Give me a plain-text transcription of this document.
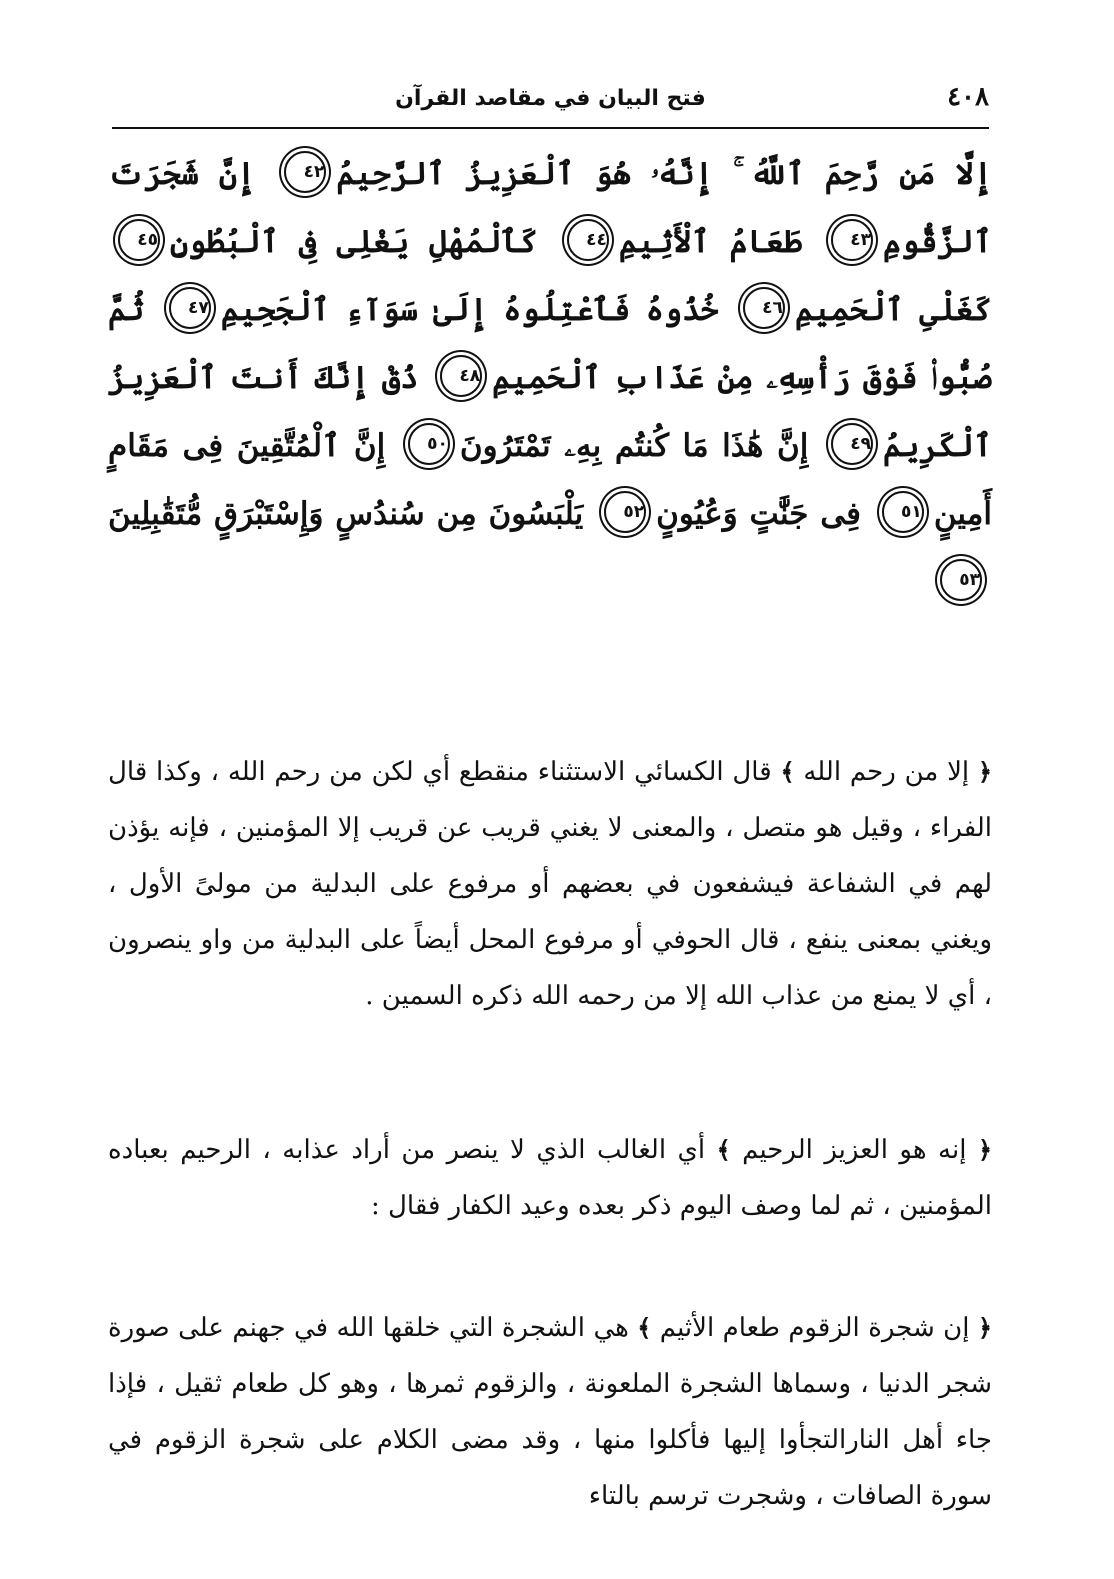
٤٠٨
فتح البيان في مقاصد القرآن
إِلَّا مَن رَّحِمَ ٱللَّهُ ۚ إِنَّهُۥ هُوَ ٱلْعَزِيزُ ٱلرَّحِيمُ٤٢ إِنَّ شَجَرَتَ ٱلزَّقُّومِ٤٣ طَعَامُ ٱلْأَثِيمِ٤٤ كَٱلْمُهْلِ يَغْلِى فِى ٱلْبُطُونِ٤٥ كَغَلْىِ ٱلْحَمِيمِ٤٦ خُذُوهُ فَٱعْتِلُوهُ إِلَىٰ سَوَآءِ ٱلْجَحِيمِ٤٧ ثُمَّ صُبُّوا۟ فَوْقَ رَأْسِهِۦ مِنْ عَذَابِ ٱلْحَمِيمِ٤٨ ذُقْ إِنَّكَ أَنتَ ٱلْعَزِيزُ ٱلْكَرِيمُ٤٩ إِنَّ هَٰذَا مَا كُنتُم بِهِۦ تَمْتَرُونَ٥٠ إِنَّ ٱلْمُتَّقِينَ فِى مَقَامٍ أَمِينٍ٥١ فِى جَنَّٰتٍ وَعُيُونٍ٥٢ يَلْبَسُونَ مِن سُندُسٍ وَإِسْتَبْرَقٍ مُّتَقَٰبِلِينَ٥٣

﴿ إلا من رحم الله ﴾ قال الكسائي الاستثناء منقطع أي لكن من رحم الله ، وكذا قال الفراء ، وقيل هو متصل ، والمعنى لا يغني قريب عن قريب إلا المؤمنين ، فإنه يؤذن لهم في الشفاعة فيشفعون في بعضهم أو مرفوع على البدلية من مولىً الأول ، ويغني بمعنى ينفع ، قال الحوفي أو مرفوع المحل أيضاً على البدلية من واو ينصرون ، أي لا يمنع من عذاب الله إلا من رحمه الله ذكره السمين .

﴿ إنه هو العزيز الرحيم ﴾ أي الغالب الذي لا ينصر من أراد عذابه ، الرحيم بعباده المؤمنين ، ثم لما وصف اليوم ذكر بعده وعيد الكفار فقال :

﴿ إن شجرة الزقوم طعام الأثيم ﴾ هي الشجرة التي خلقها الله في جهنم على صورة شجر الدنيا ، وسماها الشجرة الملعونة ، والزقوم ثمرها ، وهو كل طعام ثقيل ، فإذا جاء أهل النارالتجأوا إليها فأكلوا منها ، وقد مضى الكلام على شجرة الزقوم في سورة الصافات ، وشجرت ترسم بالتاء
